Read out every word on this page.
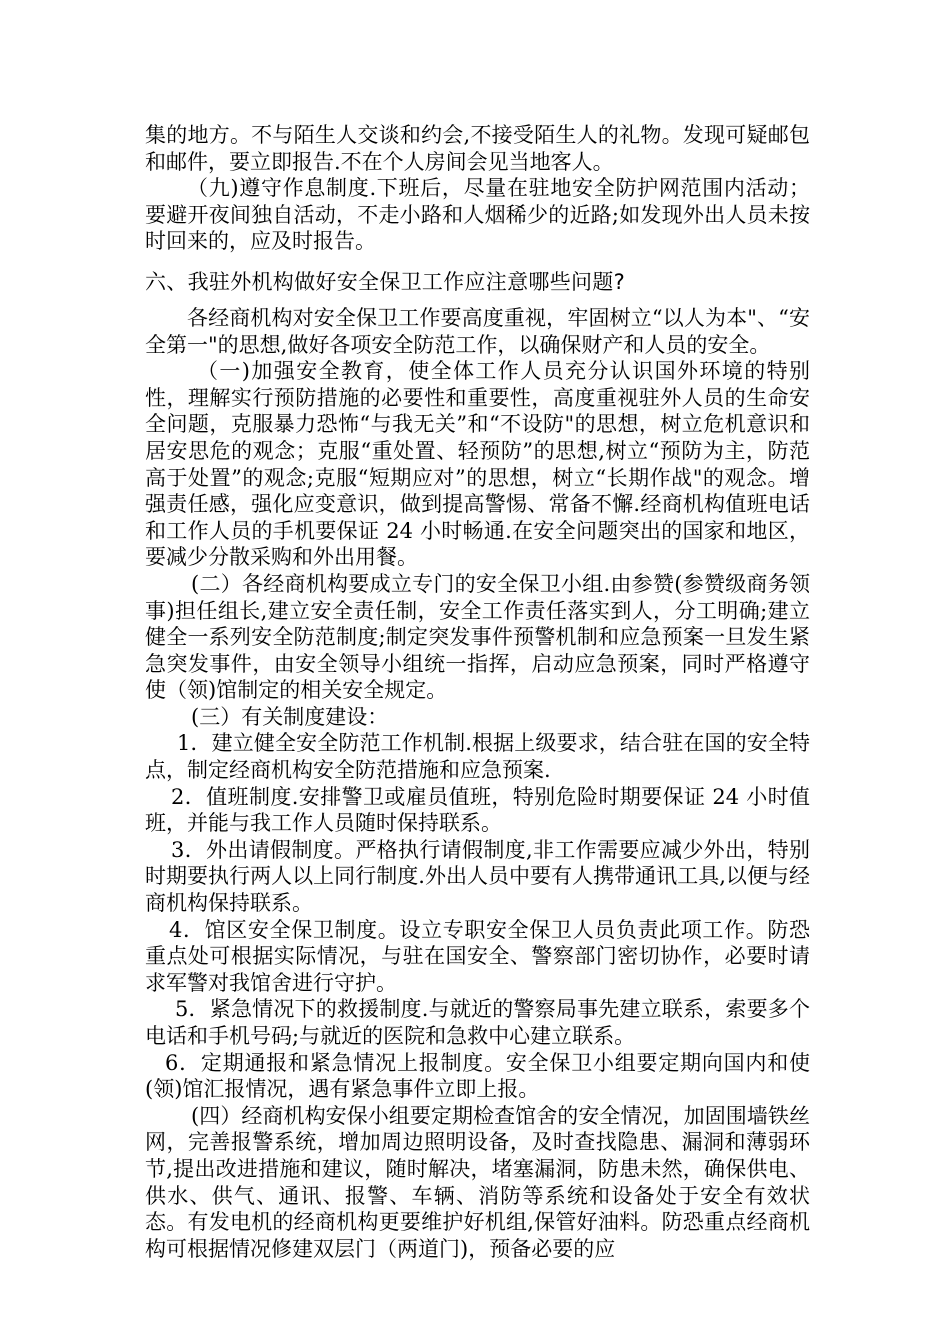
集的地方。不与陌生人交谈和约会,不接受陌生人的礼物。发现可疑邮包和邮件，要立即报告.不在个人房间会见当地客人。

（九)遵守作息制度.下班后，尽量在驻地安全防护网范围内活动；要避开夜间独自活动，不走小路和人烟稀少的近路;如发现外出人员未按时回来的，应及时报告。

六、我驻外机构做好安全保卫工作应注意哪些问题?

各经商机构对安全保卫工作要高度重视，牢固树立“以人为本"、“安全第一"的思想,做好各项安全防范工作，以确保财产和人员的安全。

（一)加强安全教育，使全体工作人员充分认识国外环境的特别性，理解实行预防措施的必要性和重要性，高度重视驻外人员的生命安全问题，克服暴力恐怖“与我无关”和“不设防"的思想，树立危机意识和居安思危的观念；克服“重处置、轻预防”的思想,树立“预防为主，防范高于处置”的观念;克服“短期应对”的思想，树立“长期作战"的观念。增强责任感，强化应变意识，做到提高警惕、常备不懈.经商机构值班电话和工作人员的手机要保证 24 小时畅通.在安全问题突出的国家和地区，要减少分散采购和外出用餐。

(二）各经商机构要成立专门的安全保卫小组.由参赞(参赞级商务领事)担任组长,建立安全责任制，安全工作责任落实到人，分工明确;建立健全一系列安全防范制度;制定突发事件预警机制和应急预案一旦发生紧急突发事件，由安全领导小组统一指挥，启动应急预案，同时严格遵守使（领)馆制定的相关安全规定。

(三）有关制度建设：

1．建立健全安全防范工作机制.根据上级要求，结合驻在国的安全特点，制定经商机构安全防范措施和应急预案.

2．值班制度.安排警卫或雇员值班，特别危险时期要保证 24 小时值班，并能与我工作人员随时保持联系。

3．外出请假制度。严格执行请假制度,非工作需要应减少外出，特别时期要执行两人以上同行制度.外出人员中要有人携带通讯工具,以便与经商机构保持联系。

4．馆区安全保卫制度。设立专职安全保卫人员负责此项工作。防恐重点处可根据实际情况，与驻在国安全、警察部门密切协作，必要时请求军警对我馆舍进行守护。

5．紧急情况下的救援制度.与就近的警察局事先建立联系，索要多个电话和手机号码;与就近的医院和急救中心建立联系。

6．定期通报和紧急情况上报制度。安全保卫小组要定期向国内和使(领)馆汇报情况，遇有紧急事件立即上报。

(四）经商机构安保小组要定期检查馆舍的安全情况，加固围墙铁丝网，完善报警系统，增加周边照明设备，及时查找隐患、漏洞和薄弱环节,提出改进措施和建议，随时解决，堵塞漏洞，防患未然，确保供电、供水、供气、通讯、报警、车辆、消防等系统和设备处于安全有效状态。有发电机的经商机构更要维护好机组,保管好油料。防恐重点经商机构可根据情况修建双层门（两道门)，预备必要的应
